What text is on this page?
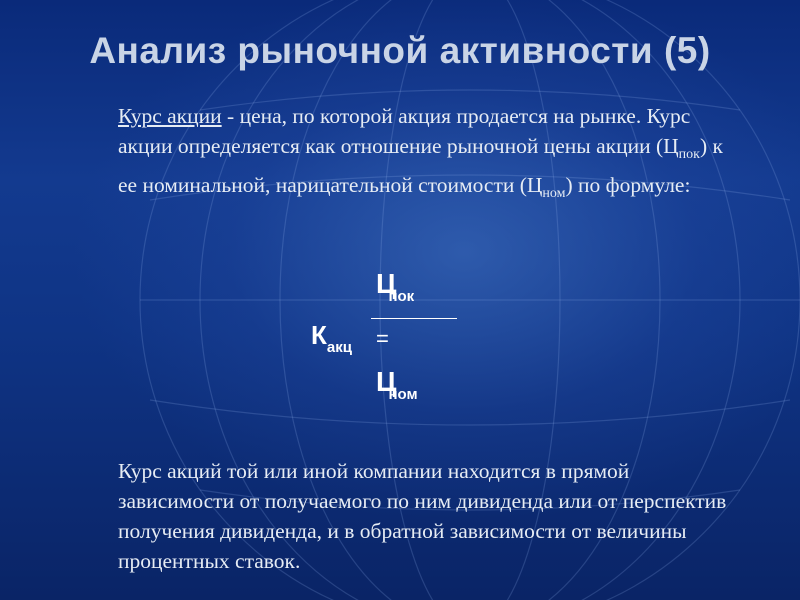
Анализ рыночной активности (5)
Курс акции - цена, по которой акция продается на рынке. Курс акции определяется как отношение рыночной цены акции $(Ц_{пок})$ к ее номинальной, нарицательной стоимости $(Ц_{ном})$ по формуле:
$К_{акц}$
$Ц_{пок}$
=
$Ц_{ном}$
Курс акций той или иной компании находится в прямой зависимости от получаемого по ним дивиденда или от перспектив получения дивиденда, и в обратной зависимости от величины процентных ставок.
